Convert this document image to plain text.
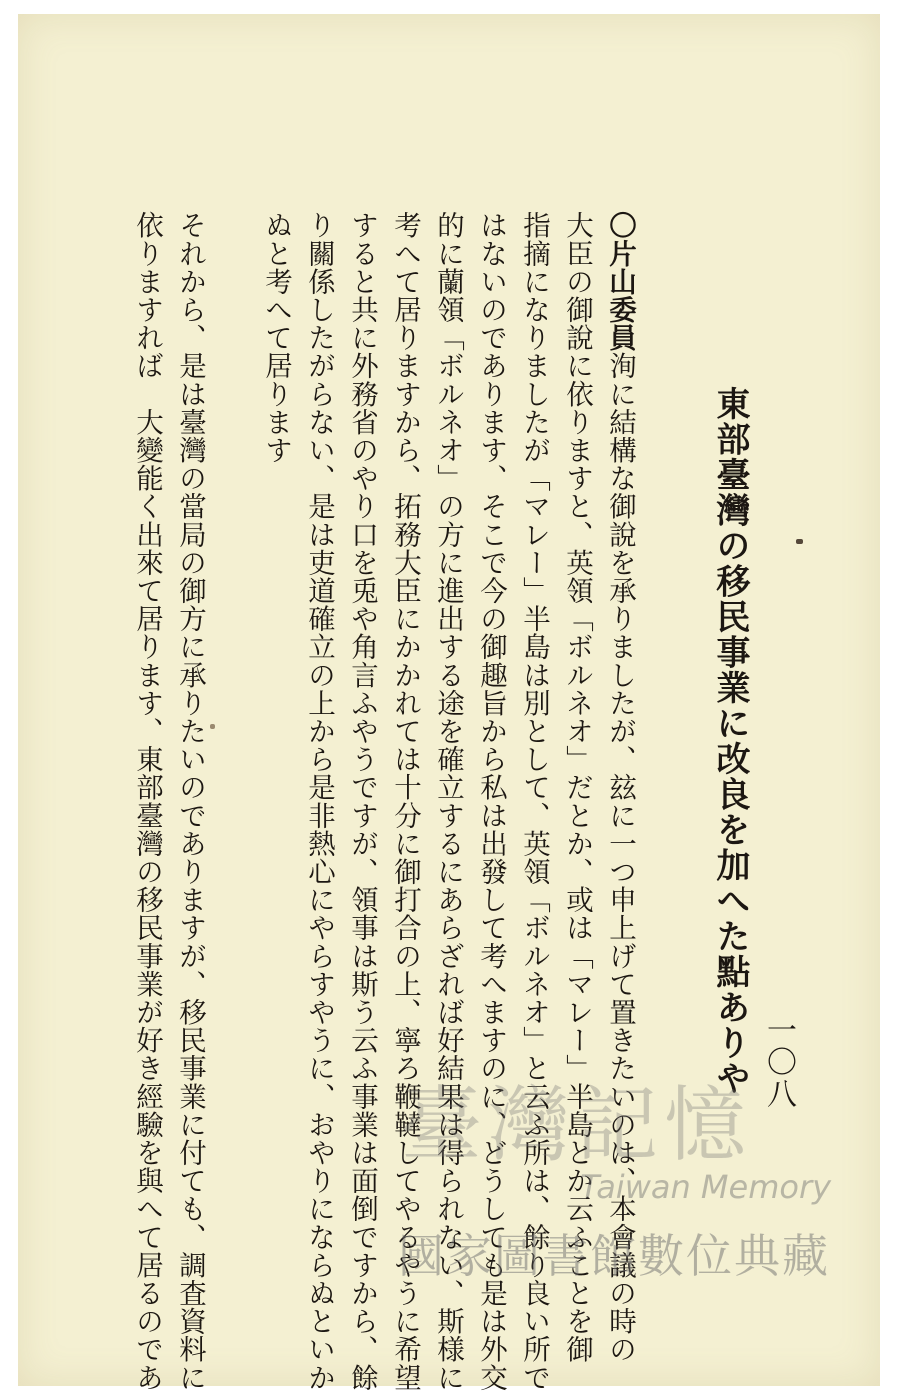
東部臺灣の移民事業に改良を加へた點ありや 一〇八
〇片山委員洵に結構な御說を承りましたが、玆に一つ申上げて置きたいのは、本會議の時の
大臣の御說に依りますと、英領「ボルネオ」だとか、或は「マレー」半島とか云ふことを御
指摘になりましたが「マレー」半島は別として、英領「ボルネオ」と云ふ所は、餘り良い所で
はないのであります、そこで今の御趣旨から私は出發して考へますのに、どうしても是は外交
的に蘭領「ボルネオ」の方に進出する途を確立するにあらざれば好結果は得られない、斯様に
考へて居りますから、拓務大臣にかかれては十分に御打合の上、寧ろ鞭韃してやるやうに希望
すると共に外務省のやり口を兎や角言ふやうですが、領事は斯う云ふ事業は面倒ですから、餘
り關係したがらない、是は吏道確立の上から是非熱心にやらすやうに、おやりにならぬといか
ぬと考へて居ります
それから、是は臺灣の當局の御方に承りたいのでありますが、移民事業に付ても、調査資料に
依りますれば　大變能く出來て居ります、東部臺灣の移民事業が好き經驗を與へて居るのであ	臺灣記憶
Taiwan Memory
國家圖書館數位典藏
